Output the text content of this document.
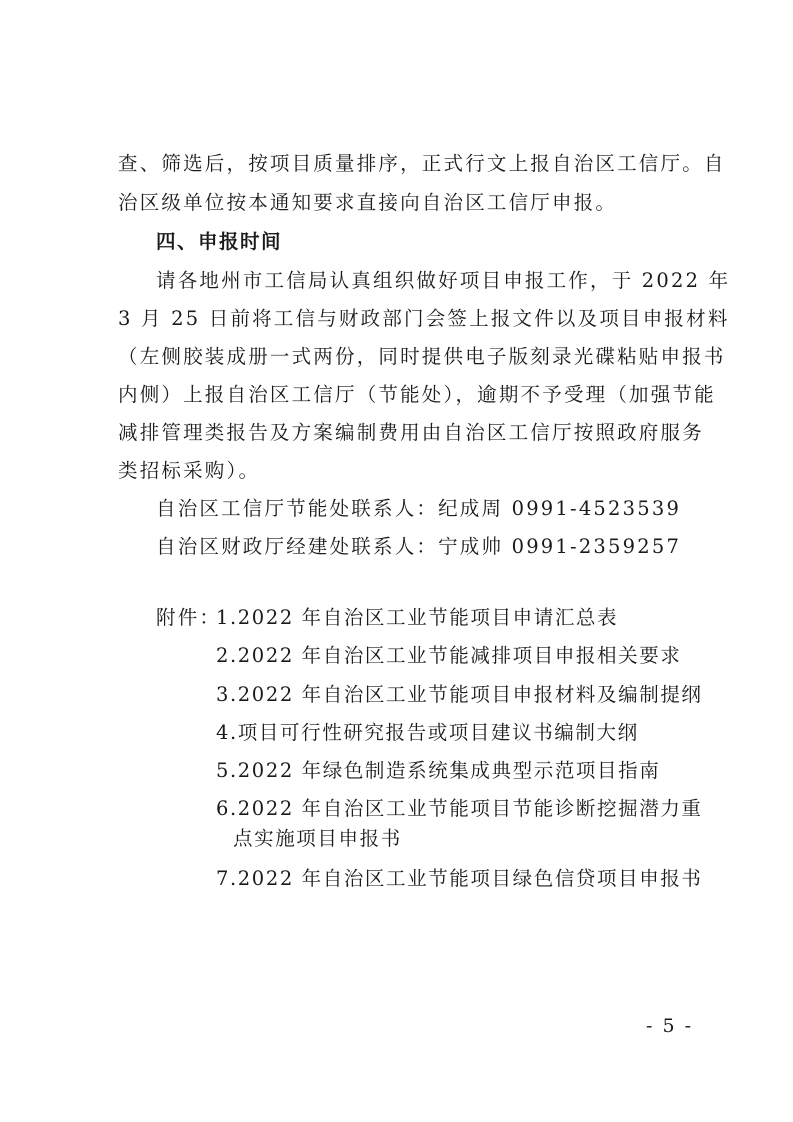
查、筛选后，按项目质量排序，正式行文上报自治区工信厅。自
治区级单位按本通知要求直接向自治区工信厅申报。
四、申报时间
请各地州市工信局认真组织做好项目申报工作，于 2022 年
3 月 25 日前将工信与财政部门会签上报文件以及项目申报材料
（左侧胶装成册一式两份，同时提供电子版刻录光碟粘贴申报书
内侧）上报自治区工信厅（节能处），逾期不予受理（加强节能
减排管理类报告及方案编制费用由自治区工信厅按照政府服务
类招标采购）。
自治区工信厅节能处联系人：纪成周 0991-4523539
自治区财政厅经建处联系人：宁成帅 0991-2359257
附件：
1.2022 年自治区工业节能项目申请汇总表
2.2022 年自治区工业节能减排项目申报相关要求
3.2022 年自治区工业节能项目申报材料及编制提纲
4.项目可行性研究报告或项目建议书编制大纲
5.2022 年绿色制造系统集成典型示范项目指南
6.2022 年自治区工业节能项目节能诊断挖掘潜力重
点实施项目申报书
7.2022 年自治区工业节能项目绿色信贷项目申报书
- 5 -
